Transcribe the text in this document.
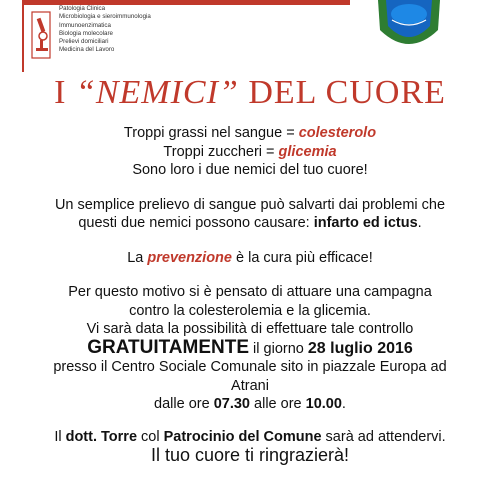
Patologia Clinica
Microbiologia e sieroimmunologia
Immunoenzimatica
Biologia molecolare
Prelievi domiciliari
Medicina del Lavoro
I “NEMICI” DEL CUORE

Troppi grassi nel sangue = colesterolo

Troppi zuccheri = glicemia

Sono loro i due nemici del tuo cuore!

Un semplice prelievo di sangue può salvarti dai problemi che

questi due nemici possono causare: infarto ed ictus.

La prevenzione è la cura più efficace!

Per questo motivo si è pensato di attuare una campagna

contro la colesterolemia e la glicemia.

Vi sarà data la possibilità di effettuare tale controllo

GRATUITAMENTE il giorno 28 luglio 2016

presso il Centro Sociale Comunale sito in piazzale Europa ad

Atrani

dalle ore 07.30 alle ore 10.00.

Il dott. Torre col Patrocinio del Comune sarà ad attendervi.

Il tuo cuore ti ringrazierà!
